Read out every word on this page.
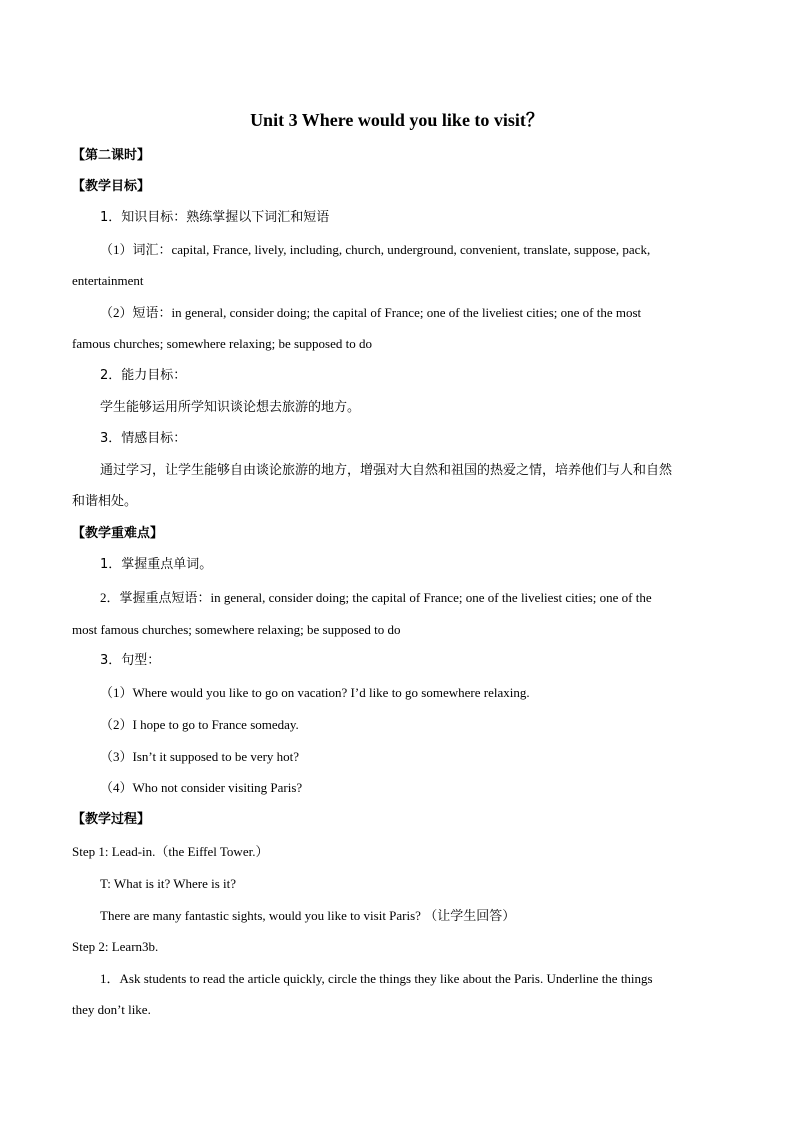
Unit 3 Where would you like to visit？
【第二课时】
【教学目标】
1．知识目标：熟练掌握以下词汇和短语
（1）词汇：capital, France, lively, including, church, underground, convenient, translate, suppose, pack,
entertainment
（2）短语：in general, consider doing; the capital of France; one of the liveliest cities; one of the most
famous churches; somewhere relaxing; be supposed to do
2．能力目标：
学生能够运用所学知识谈论想去旅游的地方。
3．情感目标：
通过学习，让学生能够自由谈论旅游的地方，增强对大自然和祖国的热爱之情，培养他们与人和自然
和谐相处。
【教学重难点】
1．掌握重点单词。
2．掌握重点短语：in general, consider doing; the capital of France; one of the liveliest cities; one of the
most famous churches; somewhere relaxing; be supposed to do
3．句型：
（1）Where would you like to go on vacation? I’d like to go somewhere relaxing.
（2）I hope to go to France someday.
（3）Isn’t it supposed to be very hot?
（4）Who not consider visiting Paris?
【教学过程】
Step 1: Lead-in.（the Eiffel Tower.）
T: What is it? Where is it?
There are many fantastic sights, would you like to visit Paris? （让学生回答）
Step 2: Learn3b.
1．Ask students to read the article quickly, circle the things they like about the Paris. Underline the things
they don’t like.
